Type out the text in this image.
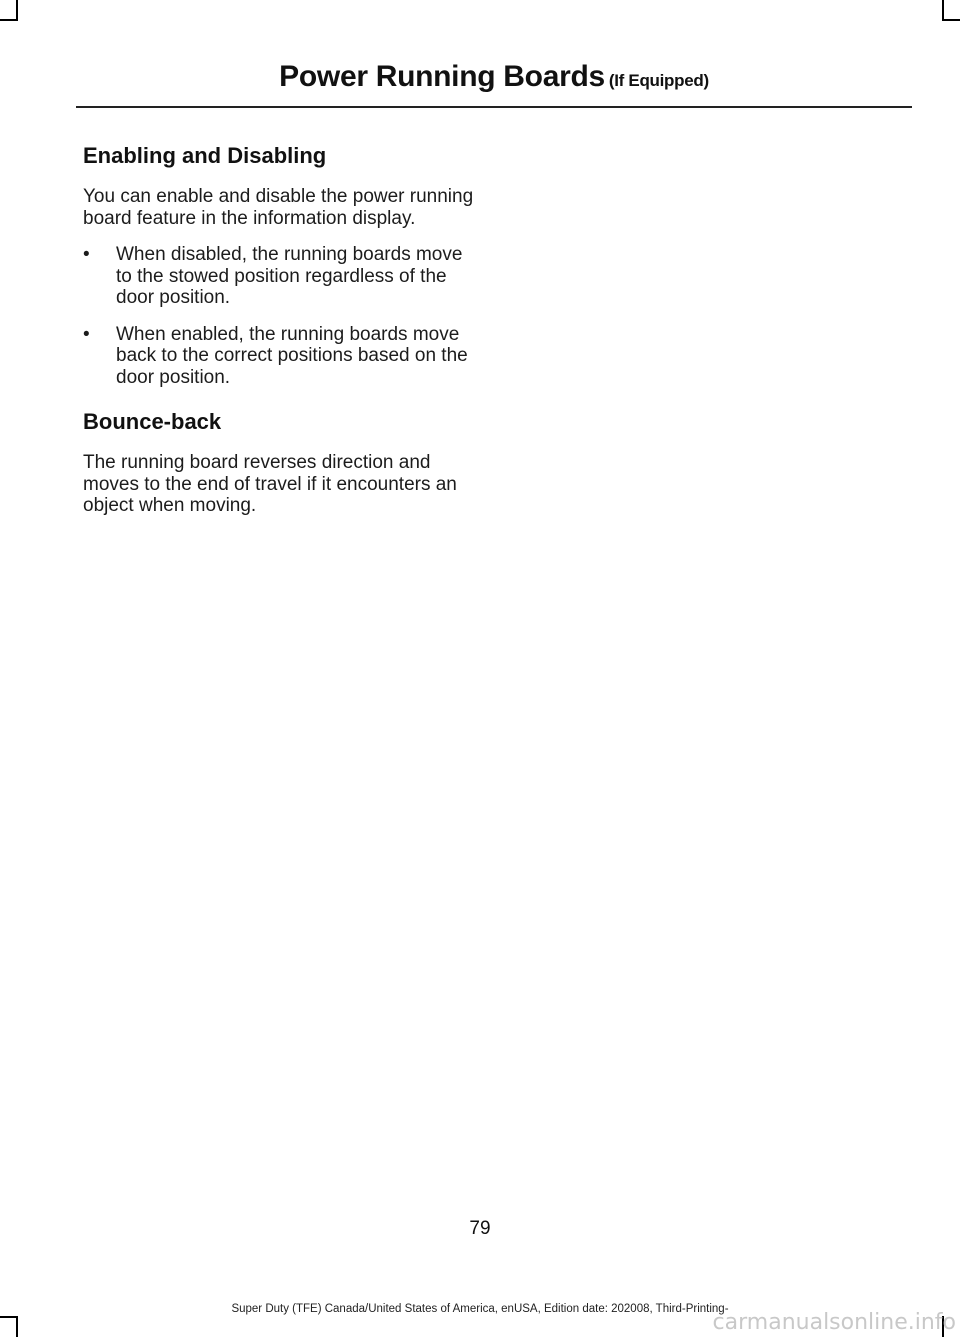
Power Running Boards (If Equipped)
Enabling and Disabling

You can enable and disable the power running board feature in the information display.

• When disabled, the running boards move to the stowed position regardless of the door position.
• When enabled, the running boards move back to the correct positions based on the door position.
Bounce-back

The running board reverses direction and moves to the end of travel if it encounters an object when moving.

79
Super Duty (TFE) Canada/United States of America, enUSA, Edition date: 202008, Third-Printing-
carmanualsonline.info
